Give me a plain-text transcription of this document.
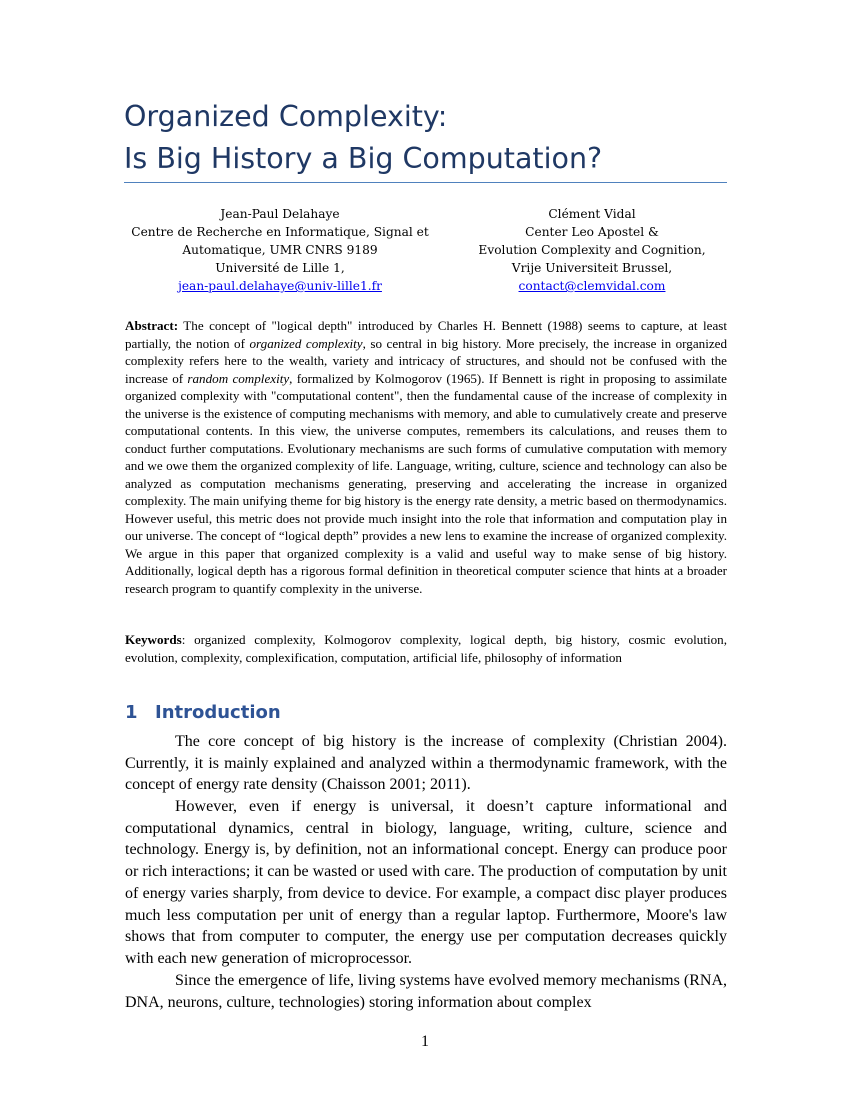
Organized Complexity:
Is Big History a Big Computation?
Jean-Paul Delahaye
Centre de Recherche en Informatique, Signal et
Automatique, UMR CNRS 9189
Université de Lille 1,
jean-paul.delahaye@univ-lille1.fr
Clément Vidal
Center Leo Apostel &
Evolution Complexity and Cognition,
Vrije Universiteit Brussel,
contact@clemvidal.com

Abstract: The concept of "logical depth" introduced by Charles H. Bennett (1988) seems to capture, at least partially, the notion of organized complexity, so central in big history. More precisely, the increase in organized complexity refers here to the wealth, variety and intricacy of structures, and should not be confused with the increase of random complexity, formalized by Kolmogorov (1965). If Bennett is right in proposing to assimilate organized complexity with "computational content", then the fundamental cause of the increase of complexity in the universe is the existence of computing mechanisms with memory, and able to cumulatively create and preserve computational contents. In this view, the universe computes, remembers its calculations, and reuses them to conduct further computations. Evolutionary mechanisms are such forms of cumulative computation with memory and we owe them the organized complexity of life. Language, writing, culture, science and technology can also be analyzed as computation mechanisms generating, preserving and accelerating the increase in organized complexity. The main unifying theme for big history is the energy rate density, a metric based on thermodynamics. However useful, this metric does not provide much insight into the role that information and computation play in our universe. The concept of “logical depth” provides a new lens to examine the increase of organized complexity. We argue in this paper that organized complexity is a valid and useful way to make sense of big history. Additionally, logical depth has a rigorous formal definition in theoretical computer science that hints at a broader research program to quantify complexity in the universe.

Keywords: organized complexity, Kolmogorov complexity, logical depth, big history, cosmic evolution, evolution, complexity, complexification, computation, artificial life, philosophy of information

1 Introduction

The core concept of big history is the increase of complexity (Christian 2004). Currently, it is mainly explained and analyzed within a thermodynamic framework, with the concept of energy rate density (Chaisson 2001; 2011).

However, even if energy is universal, it doesn’t capture informational and computational dynamics, central in biology, language, writing, culture, science and technology. Energy is, by definition, not an informational concept. Energy can produce poor or rich interactions; it can be wasted or used with care. The production of computation by unit of energy varies sharply, from device to device. For example, a compact disc player produces much less computation per unit of energy than a regular laptop. Furthermore, Moore's law shows that from computer to computer, the energy use per computation decreases quickly with each new generation of microprocessor.

Since the emergence of life, living systems have evolved memory mechanisms (RNA, DNA, neurons, culture, technologies) storing information about complex

1
